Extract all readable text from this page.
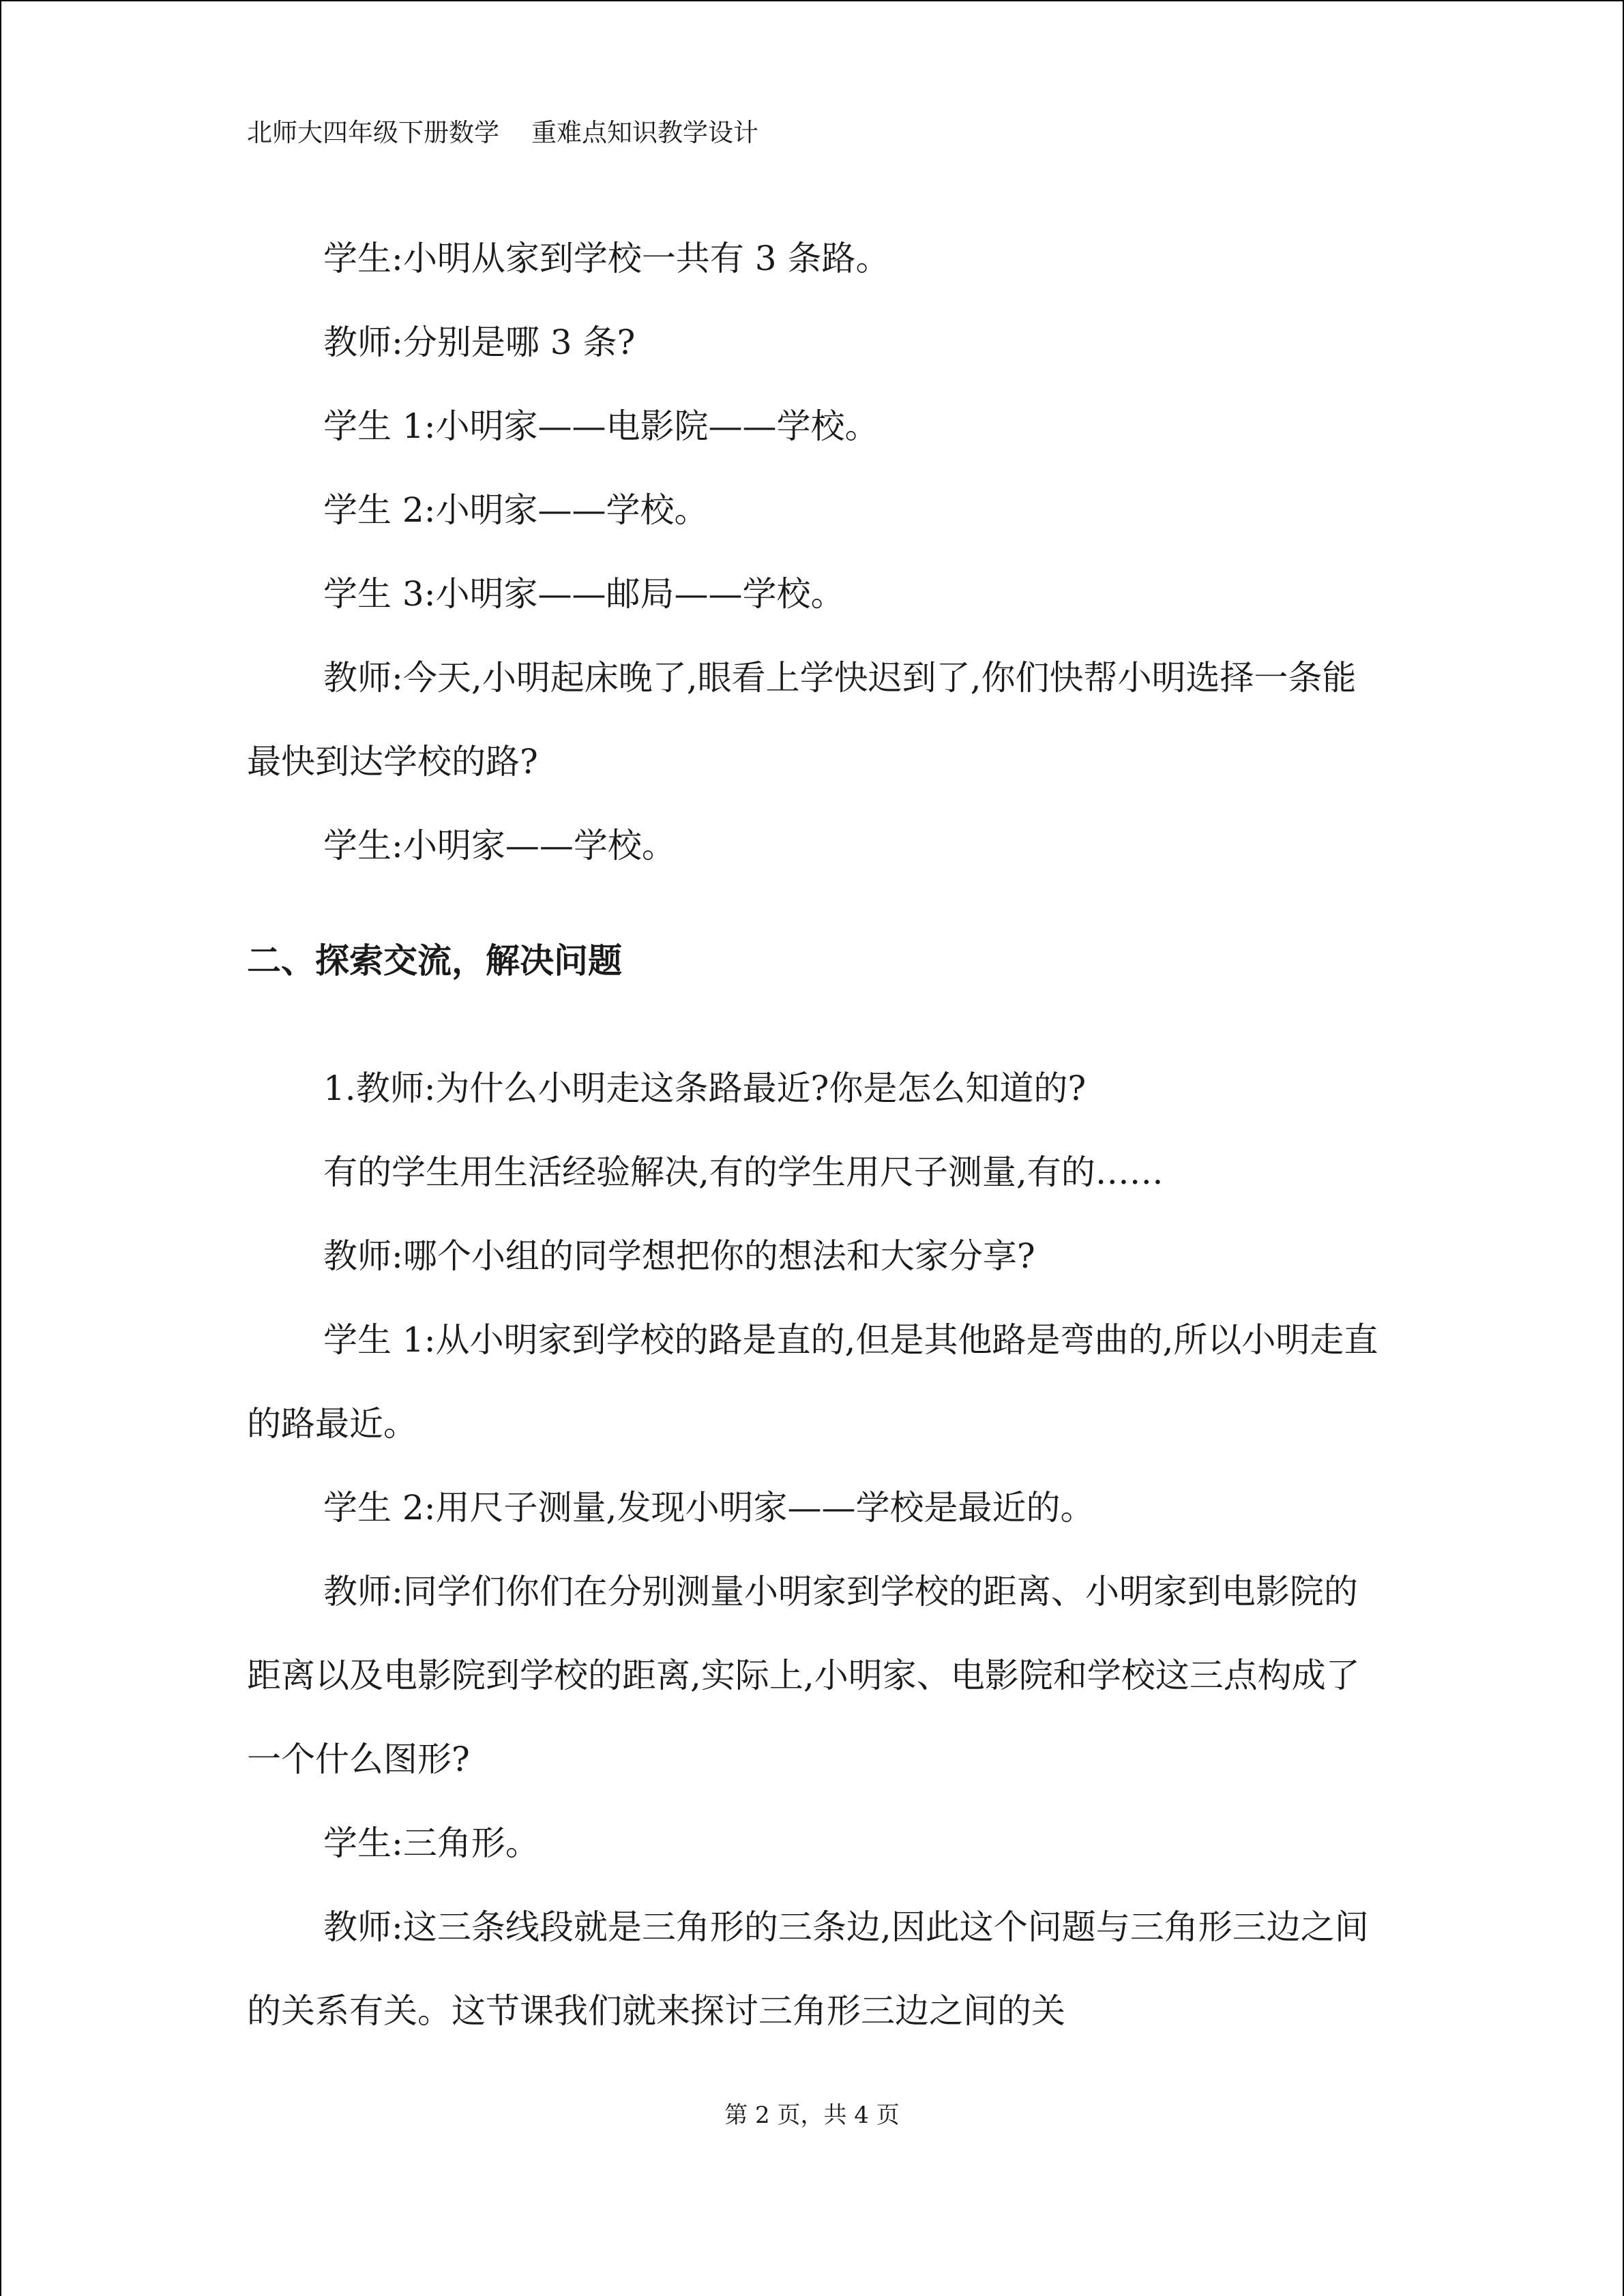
北师大四年级下册数学    重难点知识教学设计

学生:小明从家到学校一共有 3 条路。

教师:分别是哪 3 条?

学生 1:小明家——电影院——学校。

学生 2:小明家——学校。

学生 3:小明家——邮局——学校。

教师:今天,小明起床晚了,眼看上学快迟到了,你们快帮小明选择一条能最快到达学校的路?

学生:小明家——学校。

二、探索交流，解决问题

1.教师:为什么小明走这条路最近?你是怎么知道的?

有的学生用生活经验解决,有的学生用尺子测量,有的……

教师:哪个小组的同学想把你的想法和大家分享?

学生 1:从小明家到学校的路是直的,但是其他路是弯曲的,所以小明走直的路最近。

学生 2:用尺子测量,发现小明家——学校是最近的。

教师:同学们你们在分别测量小明家到学校的距离、小明家到电影院的距离以及电影院到学校的距离,实际上,小明家、电影院和学校这三点构成了一个什么图形?

学生:三角形。

教师:这三条线段就是三角形的三条边,因此这个问题与三角形三边之间的关系有关。这节课我们就来探讨三角形三边之间的关

第 2 页，共 4 页
